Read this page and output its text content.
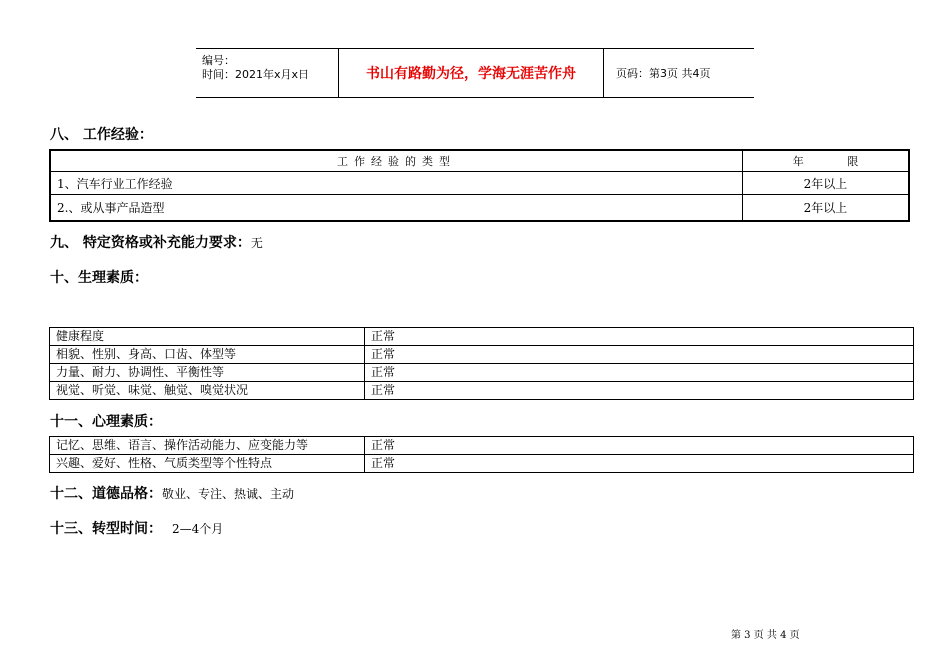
编号：
时间：2021年x月x日	书山有路勤为径，学海无涯苦作舟	页码：第3页 共4页
八、 工作经验：
工作经验的类型	年 限
1、汽车行业工作经验	2年以上
2.、或从事产品造型	2年以上
九、 特定资格或补充能力要求：无
十、生理素质：
健康程度	正常
相貌、性别、身高、口齿、体型等	正常
力量、耐力、协调性、平衡性等	正常
视觉、听觉、味觉、触觉、嗅觉状况	正常
十一、心理素质：
记忆、思维、语言、操作活动能力、应变能力等	正常
兴趣、爱好、性格、气质类型等个性特点	正常
十二、道德品格：敬业、专注、热诚、主动
十三、转型时间： 2—4个月
第 3 页 共 4 页
